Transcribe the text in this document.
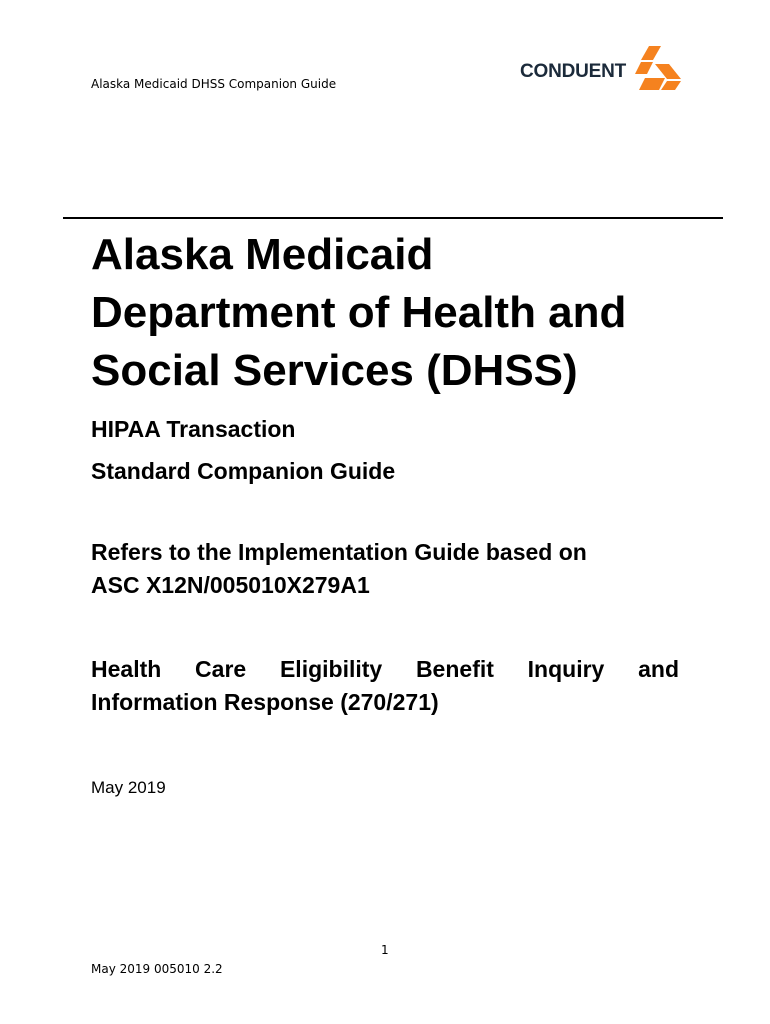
Alaska Medicaid DHSS Companion Guide
CONDUENT
Alaska Medicaid
Department of Health and
Social Services (DHSS)
HIPAA Transaction
Standard Companion Guide
Refers to the Implementation Guide based on
ASC X12N/005010X279A1
Health Care Eligibility Benefit Inquiry and
Information Response (270/271)
May 2019
1
May 2019 005010 2.2
